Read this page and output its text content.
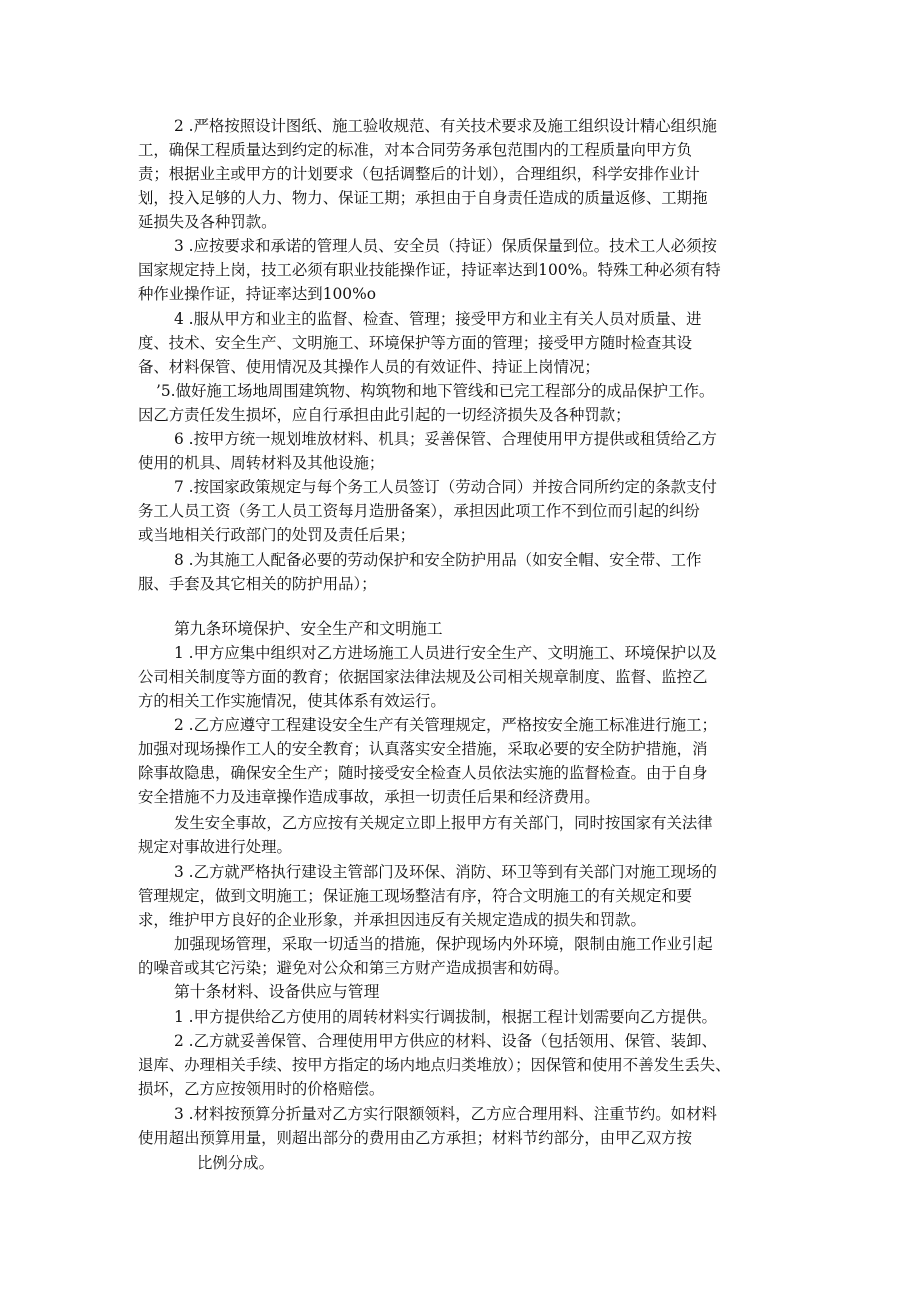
2 .严格按照设计图纸、施工验收规范、有关技术要求及施工组织设计精心组织施
工，确保工程质量达到约定的标准，对本合同劳务承包范围内的工程质量向甲方负
责；根据业主或甲方的计划要求（包括调整后的计划），合理组织，科学安排作业计
划，投入足够的人力、物力、保证工期；承担由于自身责任造成的质量返修、工期拖
延损失及各种罚款。
3 .应按要求和承诺的管理人员、安全员（持证）保质保量到位。技术工人必须按
国家规定持上岗，技工必须有职业技能操作证，持证率达到100%。特殊工种必须有特
种作业操作证，持证率达到100%o
4 .服从甲方和业主的监督、检查、管理；接受甲方和业主有关人员对质量、进
度、技术、安全生产、文明施工、环境保护等方面的管理；接受甲方随时检查其设
备、材料保管、使用情况及其操作人员的有效证件、持证上岗情况；
’5.做好施工场地周围建筑物、构筑物和地下管线和已完工程部分的成品保护工作。
因乙方责任发生损坏，应自行承担由此引起的一切经济损失及各种罚款；
6 .按甲方统一规划堆放材料、机具；妥善保管、合理使用甲方提供或租赁给乙方
使用的机具、周转材料及其他设施；
7 .按国家政策规定与每个务工人员签订（劳动合同）并按合同所约定的条款支付
务工人员工资（务工人员工资每月造册备案），承担因此项工作不到位而引起的纠纷
或当地相关行政部门的处罚及责任后果；
8 .为其施工人配备必要的劳动保护和安全防护用品（如安全帽、安全带、工作
服、手套及其它相关的防护用品）；
第九条环境保护、安全生产和文明施工
1 .甲方应集中组织对乙方进场施工人员进行安全生产、文明施工、环境保护以及
公司相关制度等方面的教育；依据国家法律法规及公司相关规章制度、监督、监控乙
方的相关工作实施情况，使其体系有效运行。
2 .乙方应遵守工程建设安全生产有关管理规定，严格按安全施工标准进行施工；
加强对现场操作工人的安全教育；认真落实安全措施，采取必要的安全防护措施，消
除事故隐患，确保安全生产；随时接受安全检查人员依法实施的监督检查。由于自身
安全措施不力及违章操作造成事故，承担一切责任后果和经济费用。
发生安全事故，乙方应按有关规定立即上报甲方有关部门，同时按国家有关法律
规定对事故进行处理。
3 .乙方就严格执行建设主管部门及环保、消防、环卫等到有关部门对施工现场的
管理规定，做到文明施工；保证施工现场整洁有序，符合文明施工的有关规定和要
求，维护甲方良好的企业形象，并承担因违反有关规定造成的损失和罚款。
加强现场管理，采取一切适当的措施，保护现场内外环境，限制由施工作业引起
的噪音或其它污染；避免对公众和第三方财产造成损害和妨碍。
第十条材料、设备供应与管理
1 .甲方提供给乙方使用的周转材料实行调拔制，根据工程计划需要向乙方提供。
2 .乙方就妥善保管、合理使用甲方供应的材料、设备（包括领用、保管、装卸、
退库、办理相关手续、按甲方指定的场内地点归类堆放）；因保管和使用不善发生丢失、
损坏，乙方应按领用时的价格赔偿。
3 .材料按预算分折量对乙方实行限额领料，乙方应合理用料、注重节约。如材料
使用超出预算用量，则超出部分的费用由乙方承担；材料节约部分，由甲乙双方按
比例分成。
